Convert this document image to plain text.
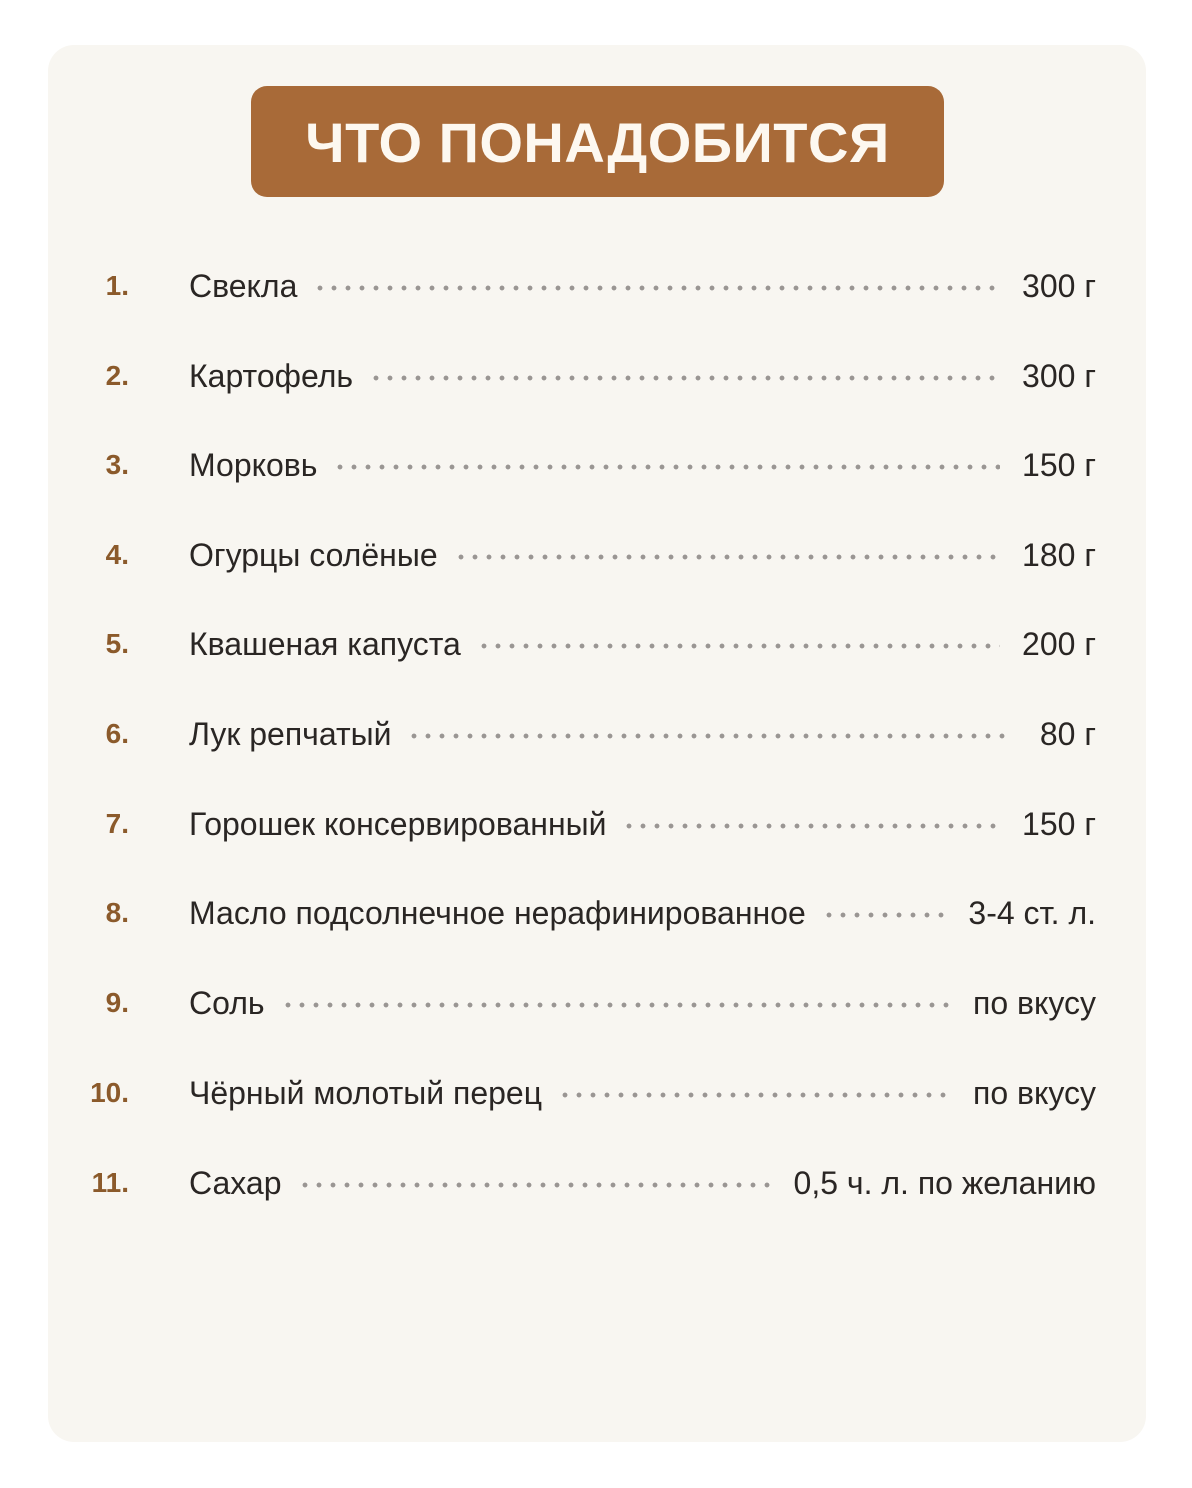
ЧТО ПОНАДОБИТСЯ
1. Свекла	300 г
2. Картофель	300 г
3. Морковь	150 г
4. Огурцы солёные	180 г
5. Квашеная капуста	200 г
6. Лук репчатый	80 г
7. Горошек консервированный	150 г
8. Масло подсолнечное нерафинированное	3-4 ст. л.
9. Соль	по вкусу
10. Чёрный молотый перец	по вкусу
11. Сахар	0,5 ч. л. по желанию
